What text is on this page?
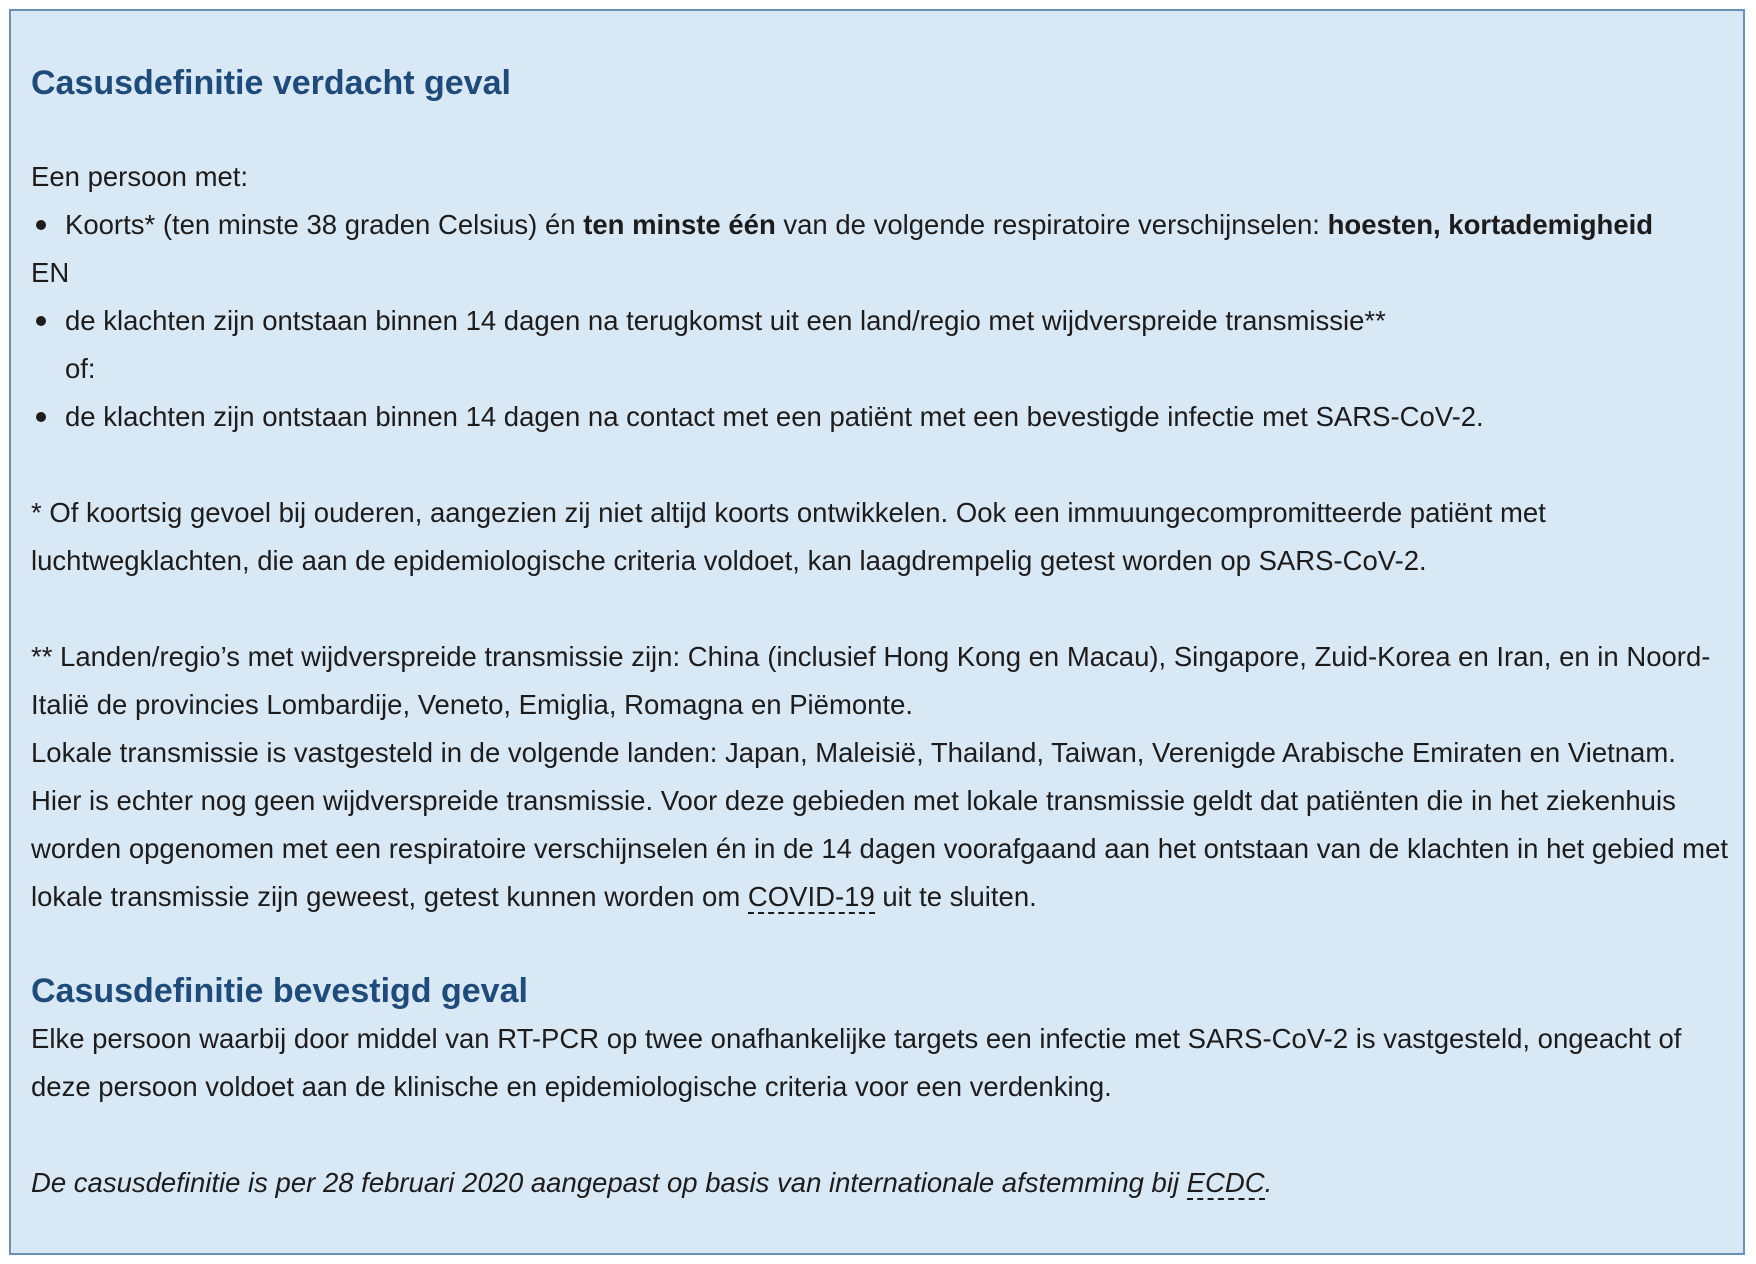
Casusdefinitie verdacht geval

Een persoon met:

Koorts* (ten minste 38 graden Celsius) én ten minste één van de volgende respiratoire verschijnselen: hoesten, kortademigheid

EN

de klachten zijn ontstaan binnen 14 dagen na terugkomst uit een land/regio met wijdverspreide transmissie**
of:
de klachten zijn ontstaan binnen 14 dagen na contact met een patiënt met een bevestigde infectie met SARS-CoV-2.

* Of koortsig gevoel bij ouderen, aangezien zij niet altijd koorts ontwikkelen. Ook een immuungecompromitteerde patiënt met luchtwegklachten, die aan de epidemiologische criteria voldoet, kan laagdrempelig getest worden op SARS-CoV-2.

** Landen/regio’s met wijdverspreide transmissie zijn: China (inclusief Hong Kong en Macau), Singapore, Zuid-Korea en Iran, en in Noord-Italië de provincies Lombardije, Veneto, Emiglia, Romagna en Piëmonte.

Lokale transmissie is vastgesteld in de volgende landen: Japan, Maleisië, Thailand, Taiwan, Verenigde Arabische Emiraten en Vietnam. Hier is echter nog geen wijdverspreide transmissie. Voor deze gebieden met lokale transmissie geldt dat patiënten die in het ziekenhuis worden opgenomen met een respiratoire verschijnselen én in de 14 dagen voorafgaand aan het ontstaan van de klachten in het gebied met lokale transmissie zijn geweest, getest kunnen worden om COVID-19 uit te sluiten.

Casusdefinitie bevestigd geval

Elke persoon waarbij door middel van RT-PCR op twee onafhankelijke targets een infectie met SARS-CoV-2 is vastgesteld, ongeacht of deze persoon voldoet aan de klinische en epidemiologische criteria voor een verdenking.

De casusdefinitie is per 28 februari 2020 aangepast op basis van internationale afstemming bij ECDC.
